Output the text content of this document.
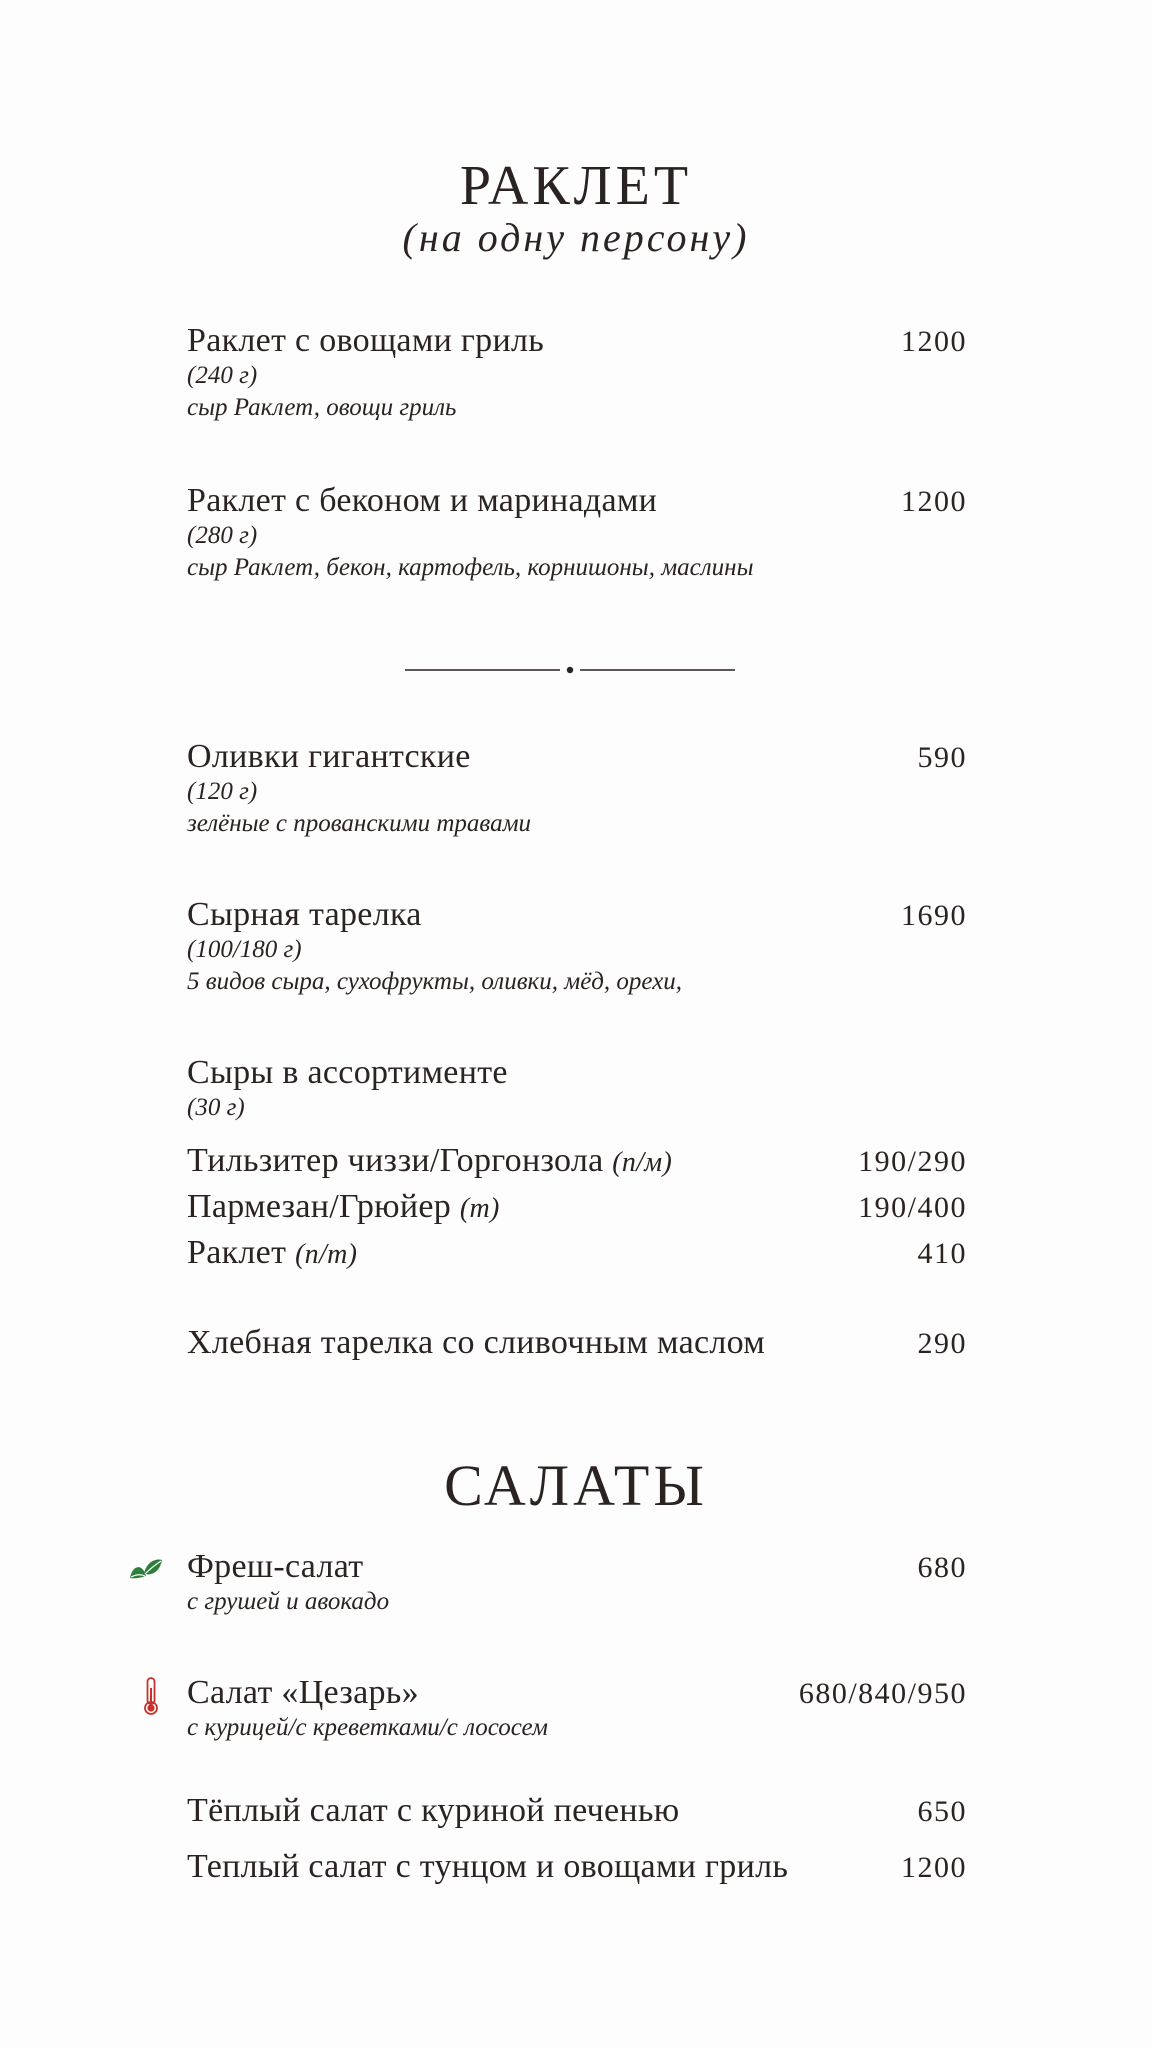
РАКЛЕТ
(на одну персону)
Раклет с овощами гриль	1200
(240 г)
сыр Раклет, овощи гриль
Раклет с беконом и маринадами	1200
(280 г)
сыр Раклет, бекон, картофель, корнишоны, маслины
Оливки гигантские	590
(120 г)
зелёные с прованскими травами
Сырная тарелка	1690
(100/180 г)
5 видов сыра, сухофрукты, оливки, мёд, орехи,
Сыры в ассортименте
(30 г)
Тильзитер чиззи/Горгонзола (п/м)	190/290
Пармезан/Грюйер (т)	190/400
Раклет (п/т)	410
Хлебная тарелка со сливочным маслом	290
САЛАТЫ
Фреш-салат	680
с грушей и авокадо
Салат «Цезарь»	680/840/950
с курицей/с креветками/с лососем
Тёплый салат с куриной печенью	650
Теплый салат с тунцом и овощами гриль	1200
